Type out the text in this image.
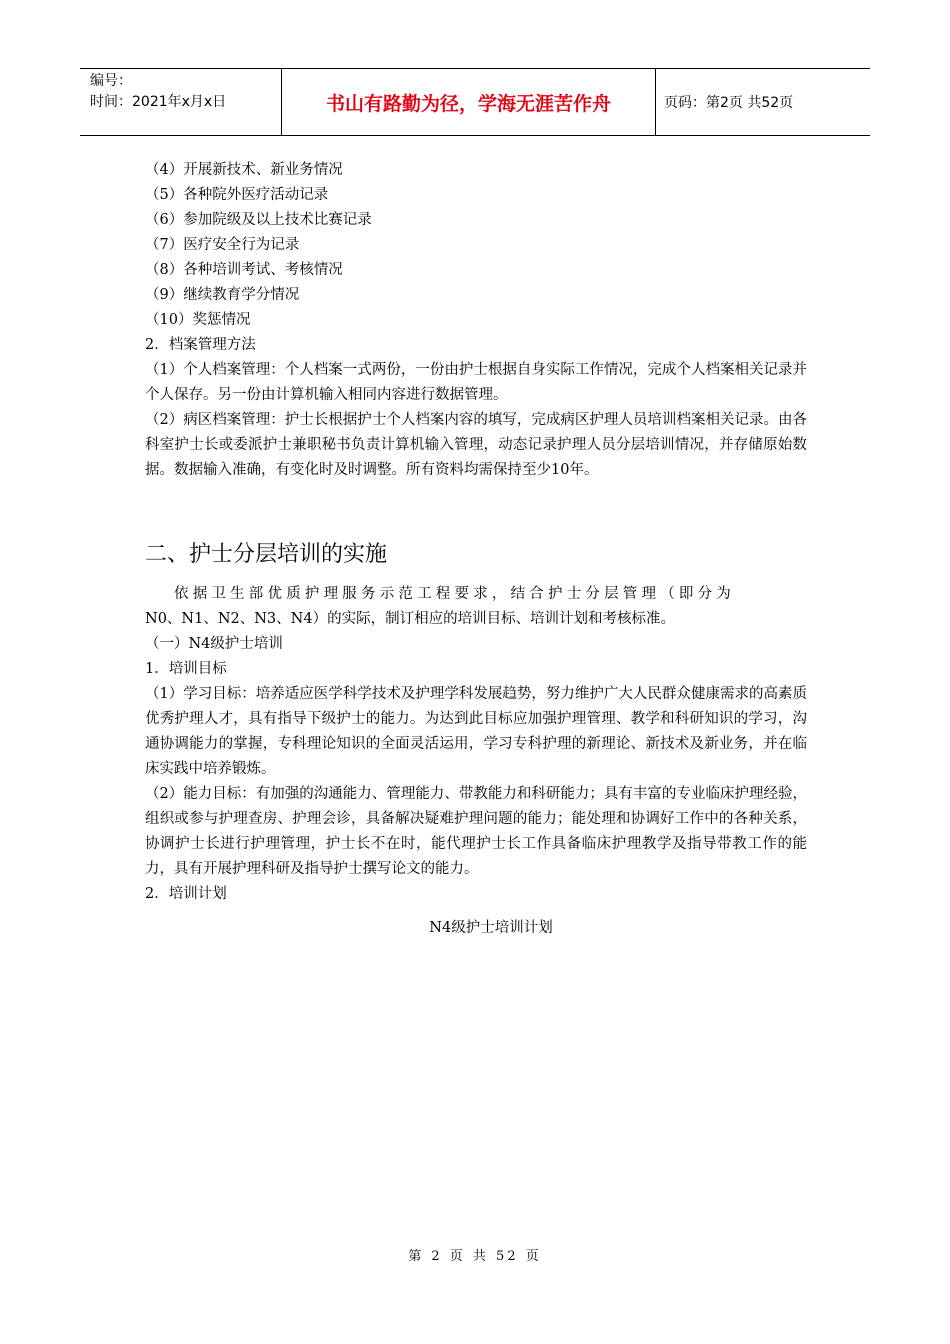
编号：
时间：2021年x月x日	书山有路勤为径，学海无涯苦作舟	页码：第2页 共52页
（4）开展新技术、新业务情况
（5）各种院外医疗活动记录
（6）参加院级及以上技术比赛记录
（7）医疗安全行为记录
（8）各种培训考试、考核情况
（9）继续教育学分情况
（10）奖惩情况
2．档案管理方法
（1）个人档案管理：个人档案一式两份，一份由护士根据自身实际工作情况，完成个人档案相关记录并个人保存。另一份由计算机输入相同内容进行数据管理。
（2）病区档案管理：护士长根据护士个人档案内容的填写，完成病区护理人员培训档案相关记录。由各科室护士长或委派护士兼职秘书负责计算机输入管理，动态记录护理人员分层培训情况，并存储原始数据。数据输入准确，有变化时及时调整。所有资料均需保持至少10年。
二、护士分层培训的实施
依据卫生部优质护理服务示范工程要求，结合护士分层管理（即分为
N0、N1、N2、N3、N4）的实际，制订相应的培训目标、培训计划和考核标准。
（一）N4级护士培训
1．培训目标
（1）学习目标：培养适应医学科学技术及护理学科发展趋势，努力维护广大人民群众健康需求的高素质优秀护理人才，具有指导下级护士的能力。为达到此目标应加强护理管理、教学和科研知识的学习，沟通协调能力的掌握，专科理论知识的全面灵活运用，学习专科护理的新理论、新技术及新业务，并在临床实践中培养锻炼。
（2）能力目标：有加强的沟通能力、管理能力、带教能力和科研能力；具有丰富的专业临床护理经验，组织或参与护理查房、护理会诊，具备解决疑难护理问题的能力；能处理和协调好工作中的各种关系，协调护士长进行护理管理，护士长不在时，能代理护士长工作具备临床护理教学及指导带教工作的能力，具有开展护理科研及指导护士撰写论文的能力。
2．培训计划
N4级护士培训计划
第 2 页 共 52 页
